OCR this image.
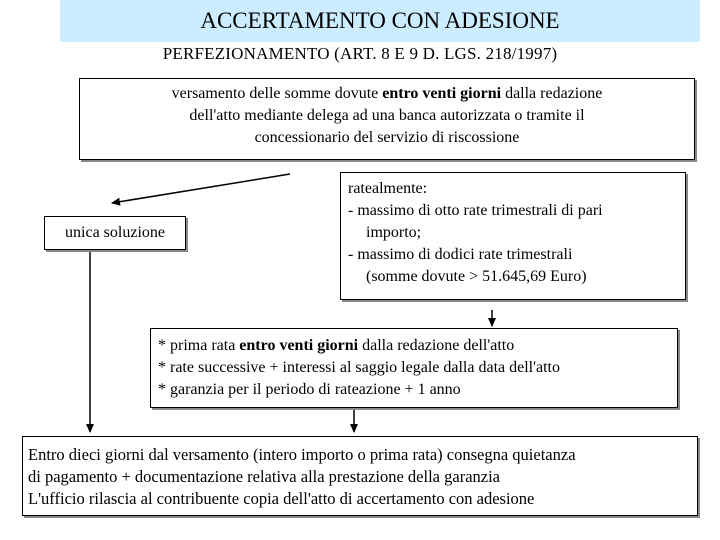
ACCERTAMENTO CON ADESIONE
PERFEZIONAMENTO (ART. 8 E 9 D. LGS. 218/1997)
versamento delle somme dovute entro venti giorni dalla redazione
dell'atto mediante delega ad una banca autorizzata o tramite il
concessionario del servizio di riscossione
unica soluzione
ratealmente:
- massimo di otto rate trimestrali di pari
importo;
- massimo di dodici rate trimestrali
(somme dovute > 51.645,69 Euro)
* prima rata entro venti giorni dalla redazione dell'atto
* rate successive + interessi al saggio legale dalla data dell'atto
* garanzia per il periodo di rateazione + 1 anno
Entro dieci giorni dal versamento (intero importo o prima rata) consegna quietanza
di pagamento + documentazione relativa alla prestazione della garanzia
L'ufficio rilascia al contribuente copia dell'atto di accertamento con adesione
